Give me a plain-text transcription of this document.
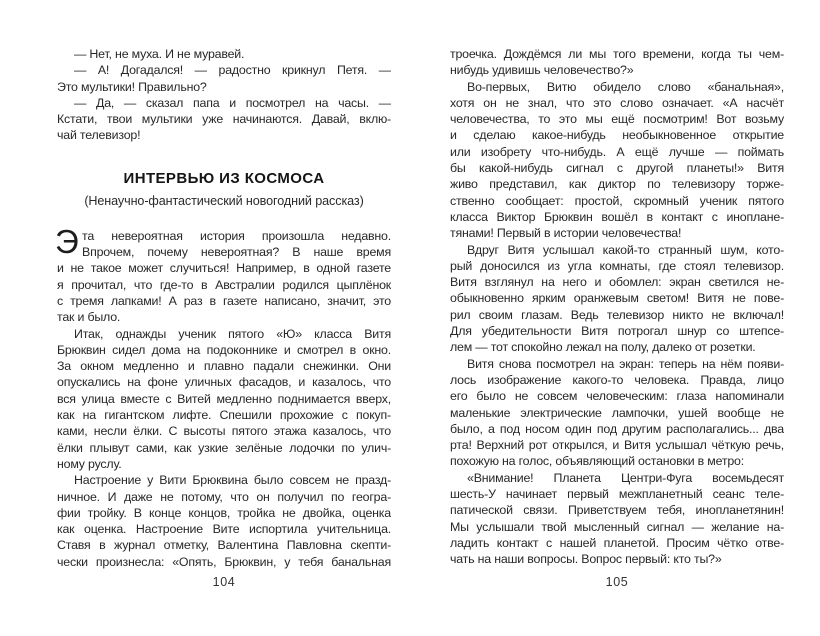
— Нет, не муха. И не муравей.
— А! Догадался! — радостно крикнул Петя. —
Это мультики! Правильно?
— Да, — сказал папа и посмотрел на часы. —
Кстати, твои мультики уже начинаются. Давай, вклю-
чай телевизор!
ИНТЕРВЬЮ ИЗ КОСМОСА
(Ненаучно-фантастический новогодний рассказ)
Э та невероятная история произошла недавно.
Впрочем, почему невероятная? В наше время
и не такое может случиться! Например, в одной газете
я прочитал, что где-то в Австралии родился цыплёнок
с тремя лапками! А раз в газете написано, значит, это
так и было.
Итак, однажды ученик пятого «Ю» класса Витя
Брюквин сидел дома на подоконнике и смотрел в окно.
За окном медленно и плавно падали снежинки. Они
опускались на фоне уличных фасадов, и казалось, что
вся улица вместе с Витей медленно поднимается вверх,
как на гигантском лифте. Спешили прохожие с покуп-
ками, несли ёлки. С высоты пятого этажа казалось, что
ёлки плывут сами, как узкие зелёные лодочки по улич-
ному руслу.
Настроение у Вити Брюквина было совсем не празд-
ничное. И даже не потому, что он получил по геогра-
фии тройку. В конце концов, тройка не двойка, оценка
как оценка. Настроение Вите испортила учительница.
Ставя в журнал отметку, Валентина Павловна скепти-
чески произнесла: «Опять, Брюквин, у тебя банальная
104
троечка. Дождёмся ли мы того времени, когда ты чем-
нибудь удивишь человечество?»
Во-первых, Витю обидело слово «банальная»,
хотя он не знал, что это слово означает. «А насчёт
человечества, то это мы ещё посмотрим! Вот возьму
и сделаю какое-нибудь необыкновенное открытие
или изобрету что-нибудь. А ещё лучше — поймать
бы какой-нибудь сигнал с другой планеты!» Витя
живо представил, как диктор по телевизору торже-
ственно сообщает: простой, скромный ученик пятого
класса Виктор Брюквин вошёл в контакт с иноплане-
тянами! Первый в истории человечества!
Вдруг Витя услышал какой-то странный шум, кото-
рый доносился из угла комнаты, где стоял телевизор.
Витя взглянул на него и обомлел: экран светился не-
обыкновенно ярким оранжевым светом! Витя не пове-
рил своим глазам. Ведь телевизор никто не включал!
Для убедительности Витя потрогал шнур со штепсе-
лем — тот спокойно лежал на полу, далеко от розетки.
Витя снова посмотрел на экран: теперь на нём появи-
лось изображение какого-то человека. Правда, лицо
его было не совсем человеческим: глаза напоминали
маленькие электрические лампочки, ушей вообще не
было, а под носом один под другим располагались... два
рта! Верхний рот открылся, и Витя услышал чёткую речь,
похожую на голос, объявляющий остановки в метро:
«Внимание! Планета Центри-Фуга восемьдесят
шесть-У начинает первый межпланетный сеанс теле-
патической связи. Приветствуем тебя, инопланетянин!
Мы услышали твой мысленный сигнал — желание на-
ладить контакт с нашей планетой. Просим чётко отве-
чать на наши вопросы. Вопрос первый: кто ты?»
105
